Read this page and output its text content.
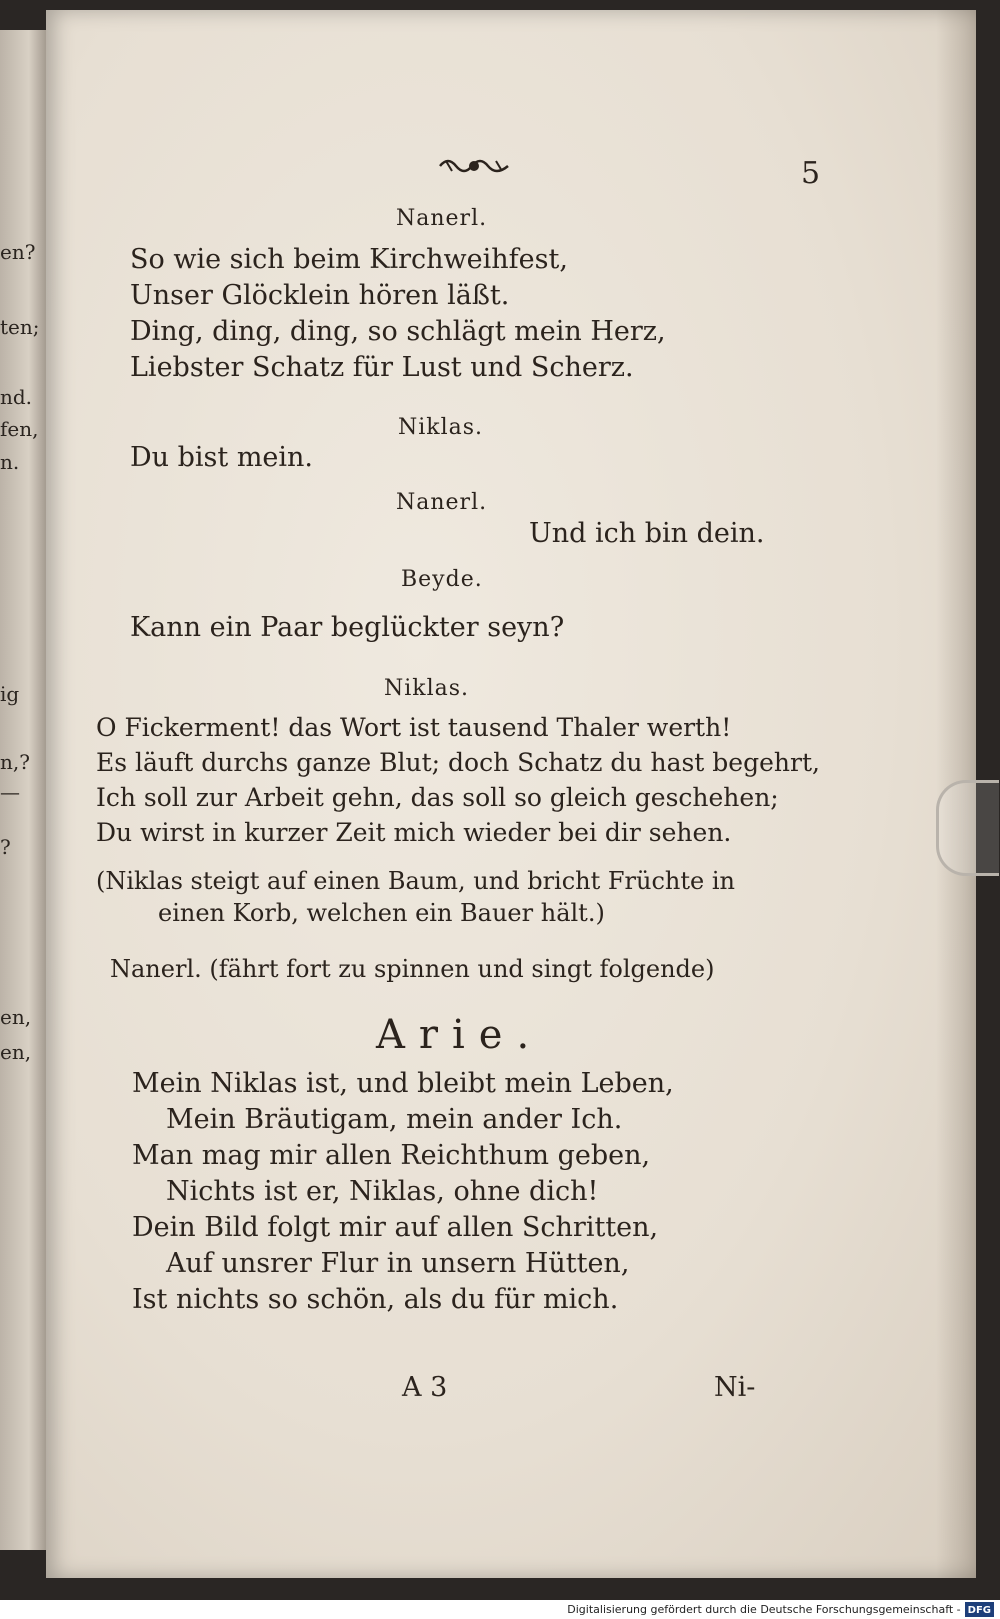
en?
ten;
nd.
fen,
n.
ig
n,?
—
?
en,
en,
5
Nanerl.
So wie sich beim Kirchweihfest,
Unser Glöcklein hören läßt.
Ding, ding, ding, so schlägt mein Herz,
Liebster Schatz für Lust und Scherz.
Niklas.
Du bist mein.
Nanerl.
Und ich bin dein.
Beyde.
Kann ein Paar beglückter seyn?
Niklas.
O Fickerment! das Wort ist tausend Thaler werth!
Es läuft durchs ganze Blut; doch Schatz du hast begehrt,
Ich soll zur Arbeit gehn, das soll so gleich geschehen;
Du wirst in kurzer Zeit mich wieder bei dir sehen.
(Niklas steigt auf einen Baum, und bricht Früchte in
einen Korb, welchen ein Bauer hält.)
Nanerl. (fährt fort zu spinnen und singt folgende)
Arie.
Mein Niklas ist, und bleibt mein Leben,
Mein Bräutigam, mein ander Ich.
Man mag mir allen Reichthum geben,
Nichts ist er, Niklas, ohne dich!
Dein Bild folgt mir auf allen Schritten,
Auf unsrer Flur in unsern Hütten,
Ist nichts so schön, als du für mich.
A 3	Ni-
Digitalisierung gefördert durch die Deutsche Forschungsgemeinschaft - DFG
